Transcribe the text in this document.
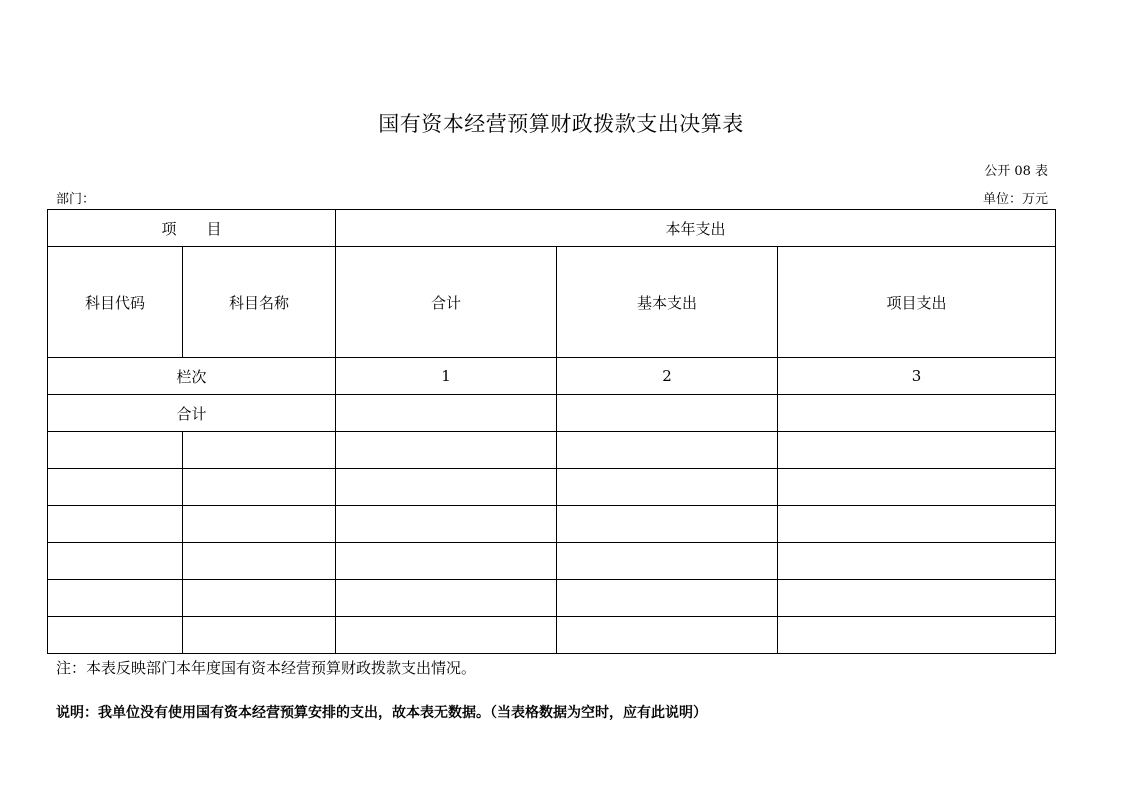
国有资本经营预算财政拨款支出决算表
公开 08 表
部门：	单位：万元
项目		本年支出		
科目代码	科目名称	合计	基本支出	项目支出
栏次		1	2	3
合计				

注：本表反映部门本年度国有资本经营预算财政拨款支出情况。
说明：我单位没有使用国有资本经营预算安排的支出，故本表无数据。（当表格数据为空时，应有此说明）
